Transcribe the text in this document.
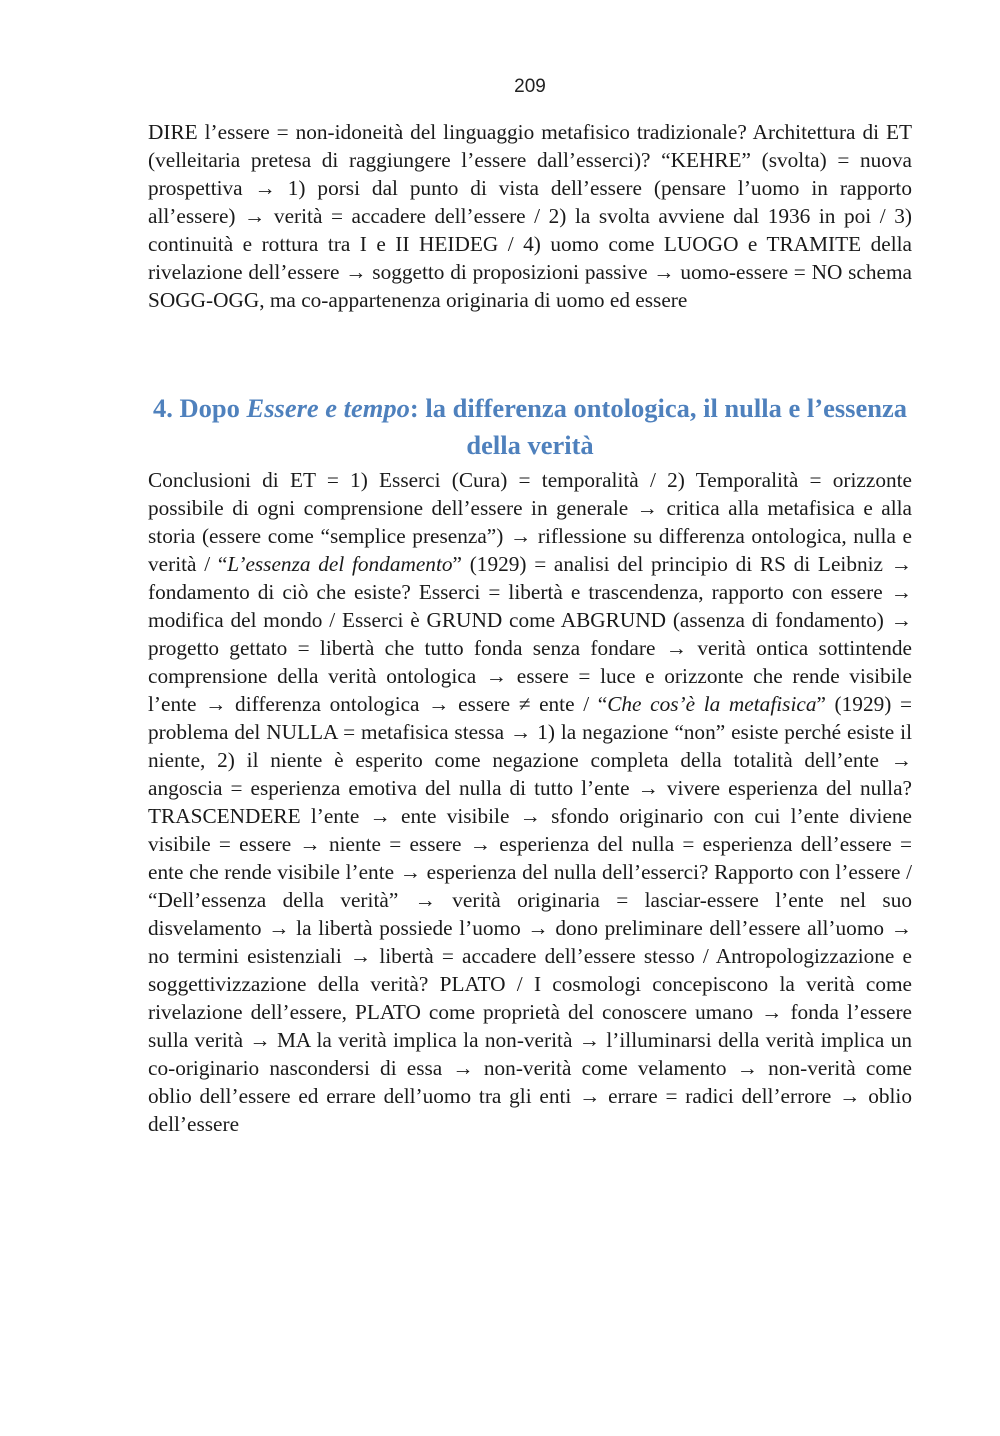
209

DIRE l’essere = non-idoneità del linguaggio metafisico tradizionale? Architettura di ET (velleitaria pretesa di raggiungere l’essere dall’esserci)? “KEHRE” (svolta) = nuova prospettiva → 1) porsi dal punto di vista dell’essere (pensare l’uomo in rapporto all’essere) → verità = accadere dell’essere / 2) la svolta avviene dal 1936 in poi / 3) continuità e rottura tra I e II HEIDEG / 4) uomo come LUOGO e TRAMITE della rivelazione dell’essere → soggetto di proposizioni passive → uomo-essere = NO schema SOGG-OGG, ma co-appartenenza originaria di uomo ed essere

4. Dopo Essere e tempo: la differenza ontologica, il nulla e l’essenza della verità

Conclusioni di ET = 1) Esserci (Cura) = temporalità / 2) Temporalità = orizzonte possibile di ogni comprensione dell’essere in generale → critica alla metafisica e alla storia (essere come “semplice presenza”) → riflessione su differenza ontologica, nulla e verità / “L’essenza del fondamento” (1929) = analisi del principio di RS di Leibniz → fondamento di ciò che esiste? Esserci = libertà e trascendenza, rapporto con essere → modifica del mondo / Esserci è GRUND come ABGRUND (assenza di fondamento) → progetto gettato = libertà che tutto fonda senza fondare → verità ontica sottintende comprensione della verità ontologica → essere = luce e orizzonte che rende visibile l’ente → differenza ontologica → essere ≠ ente / “Che cos’è la metafisica” (1929) = problema del NULLA = metafisica stessa → 1) la negazione “non” esiste perché esiste il niente, 2) il niente è esperito come negazione completa della totalità dell’ente → angoscia = esperienza emotiva del nulla di tutto l’ente → vivere esperienza del nulla? TRASCENDERE l’ente → ente visibile → sfondo originario con cui l’ente diviene visibile = essere → niente = essere → esperienza del nulla = esperienza dell’essere = ente che rende visibile l’ente → esperienza del nulla dell’esserci? Rapporto con l’essere / “Dell’essenza della verità” → verità originaria = lasciar-essere l’ente nel suo disvelamento → la libertà possiede l’uomo → dono preliminare dell’essere all’uomo → no termini esistenziali → libertà = accadere dell’essere stesso / Antropologizzazione e soggettivizzazione della verità? PLATO / I cosmologi concepiscono la verità come rivelazione dell’essere, PLATO come proprietà del conoscere umano → fonda l’essere sulla verità → MA la verità implica la non-verità → l’illuminarsi della verità implica un co-originario nascondersi di essa → non-verità come velamento → non-verità come oblio dell’essere ed errare dell’uomo tra gli enti → errare = radici dell’errore → oblio dell’essere
